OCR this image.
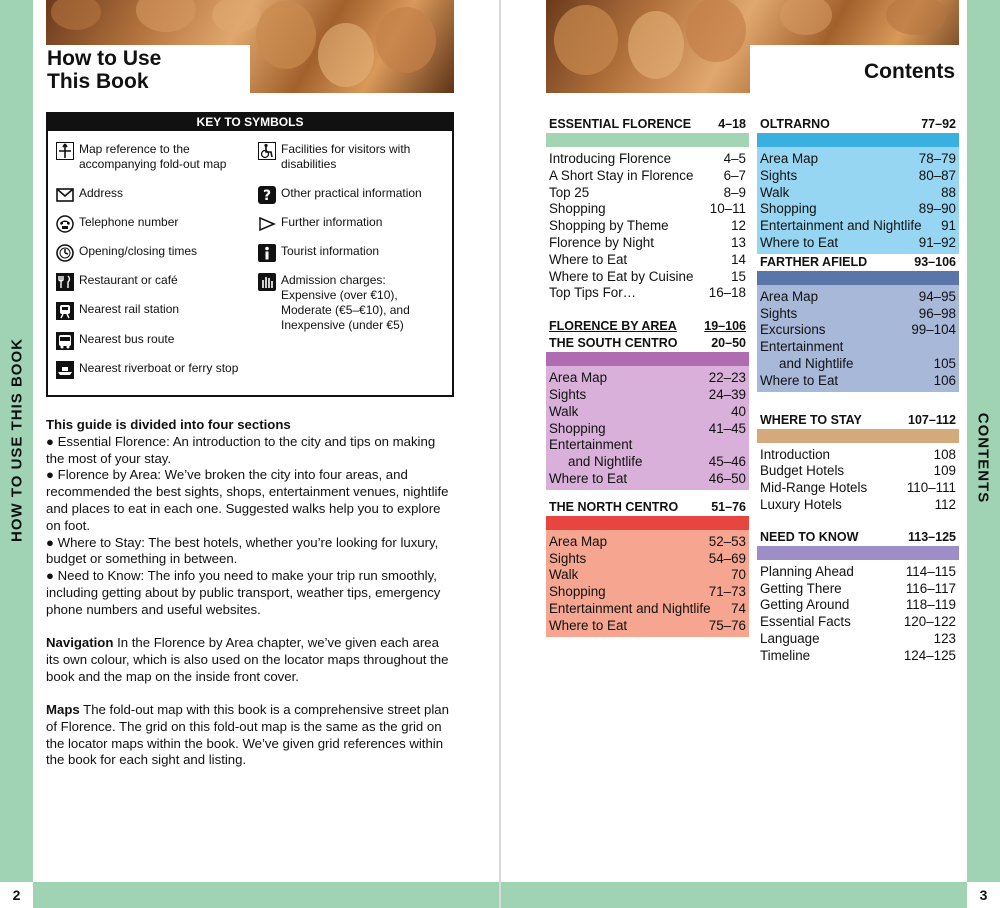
2	3
HOW TO USE THIS BOOK	CONTENTS
How to Use
This Book	Contents
KEY TO SYMBOLS
Map reference to the accompanying fold-out map
Address
Telephone number
Opening/closing times
Restaurant or café
Nearest rail station
Nearest bus route
Nearest riverboat or ferry stop
Facilities for visitors with disabilities
? Other practical information
Further information
Tourist information
Admission charges: Expensive (over €10), Moderate (€5–€10), and Inexpensive (under €5)
This guide is divided into four sections
● Essential Florence: An introduction to the city and tips on making the most of your stay.
● Florence by Area: We’ve broken the city into four areas, and recommended the best sights, shops, entertainment venues, nightlife and places to eat in each one. Suggested walks help you to explore on foot.
● Where to Stay: The best hotels, whether you’re looking for luxury, budget or something in between.
● Need to Know: The info you need to make your trip run smoothly, including getting about by public transport, weather tips, emergency phone numbers and useful websites.
Navigation In the Florence by Area chapter, we’ve given each area its own colour, which is also used on the locator maps throughout the book and the map on the inside front cover.
Maps The fold-out map with this book is a comprehensive street plan of Florence. The grid on this fold-out map is the same as the grid on the locator maps within the book. We’ve given grid references within the book for each sight and listing.
ESSENTIAL FLORENCE 4–18
Introducing Florence	4–5
A Short Stay in Florence 6–7
Top 25	8–9
Shopping	10–11
Shopping by Theme	12
Florence by Night	13
Where to Eat	14
Where to Eat by Cuisine	15
Top Tips For…	16–18
FLORENCE BY AREA 19–106
THE SOUTH CENTRO	20–50
Area Map	22–23
Sights	24–39
Walk	40
Shopping	41–45
Entertainment
and Nightlife	45–46
Where to Eat	46–50
THE NORTH CENTRO	51–76
Area Map	52–53
Sights	54–69
Walk	70
Shopping	71–73
Entertainment and Nightlife 74
Where to Eat	75–76
OLTRARNO	77–92
Area Map	78–79
Sights	80–87
Walk	88
Shopping	89–90
Entertainment and Nightlife 91
Where to Eat	91–92
FARTHER AFIELD	93–106
Area Map	94–95
Sights	96–98
Excursions	99–104
Entertainment
and Nightlife	105
Where to Eat	106
WHERE TO STAY	107–112
Introduction	108
Budget Hotels	109
Mid-Range Hotels	110–111
Luxury Hotels	112
NEED TO KNOW	113–125
Planning Ahead	114–115
Getting There	116–117
Getting Around	118–119
Essential Facts	120–122
Language	123
Timeline	124–125
